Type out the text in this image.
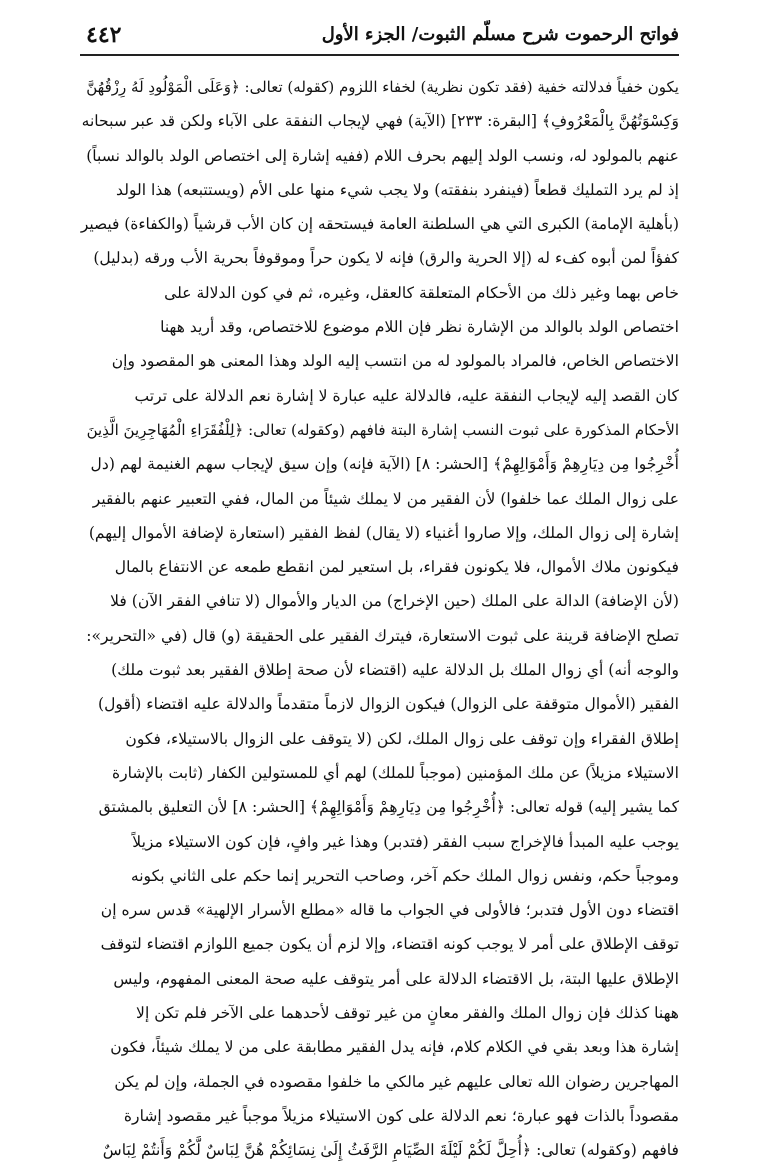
فواتح الرحموت شرح مسلّم الثبوت/ الجزء الأول
٤٤٢
يكون خفياً فدلالته خفية (فقد تكون نظرية) لخفاء اللزوم (كقوله) تعالى: ﴿وَعَلَى الْمَوْلُودِ لَهُ رِزْقُهُنَّ
وَكِسْوَتُهُنَّ بِالْمَعْرُوفِ﴾ [البقرة: ٢٣٣] (الآية) فهي لإيجاب النفقة على الآباء ولكن قد عبر سبحانه
عنهم بالمولود له، ونسب الولد إليهم بحرف اللام (ففيه إشارة إلى اختصاص الولد بالوالد نسباً)
إذ لم يرد التمليك قطعاً (فينفرد بنفقته) ولا يجب شيء منها على الأم (ويستتبعه) هذا الولد
(بأهلية الإمامة) الكبرى التي هي السلطنة العامة فيستحقه إن كان الأب قرشياً (والكفاءة) فيصير
كفؤاً لمن أبوه كفء له (إلا الحرية والرق) فإنه لا يكون حراً وموقوفاً بحرية الأب ورقه (بدليل)
خاص بهما وغير ذلك من الأحكام المتعلقة كالعقل، وغيره، ثم في كون الدلالة على
اختصاص الولد بالوالد من الإشارة نظر فإن اللام موضوع للاختصاص، وقد أريد ههنا
الاختصاص الخاص، فالمراد بالمولود له من انتسب إليه الولد وهذا المعنى هو المقصود وإن
كان القصد إليه لإيجاب النفقة عليه، فالدلالة عليه عبارة لا إشارة نعم الدلالة على ترتب
الأحكام المذكورة على ثبوت النسب إشارة البتة فافهم (وكقوله) تعالى: ﴿لِلْفُقَرَاءِ الْمُهَاجِرِينَ الَّذِينَ
أُخْرِجُوا مِن دِيَارِهِمْ وَأَمْوَالِهِمْ﴾ [الحشر: ٨] (الآية فإنه) وإن سيق لإيجاب سهم الغنيمة لهم (دل
على زوال الملك عما خلفوا) لأن الفقير من لا يملك شيئاً من المال، ففي التعبير عنهم بالفقير
إشارة إلى زوال الملك، وإلا صاروا أغنياء (لا يقال) لفظ الفقير (استعارة لإضافة الأموال إليهم)
فيكونون ملاك الأموال، فلا يكونون فقراء، بل استعير لمن انقطع طمعه عن الانتفاع بالمال
(لأن الإضافة) الدالة على الملك (حين الإخراج) من الديار والأموال (لا تنافي الفقر الآن) فلا
تصلح الإضافة قرينة على ثبوت الاستعارة، فيترك الفقير على الحقيقة (و) قال (في «التحرير»:
والوجه أنه) أي زوال الملك بل الدلالة عليه (اقتضاء لأن صحة إطلاق الفقير بعد ثبوت ملك)
الفقير (الأموال متوقفة على الزوال) فيكون الزوال لازماً متقدماً والدلالة عليه اقتضاء (أقول)
إطلاق الفقراء وإن توقف على زوال الملك، لكن (لا يتوقف على الزوال بالاستيلاء، فكون
الاستيلاء مزيلاً) عن ملك المؤمنين (موجباً للملك) لهم أي للمستولين الكفار (ثابت بالإشارة
كما يشير إليه) قوله تعالى: ﴿أُخْرِجُوا مِن دِيَارِهِمْ وَأَمْوَالِهِمْ﴾ [الحشر: ٨] لأن التعليق بالمشتق
يوجب عليه المبدأ فالإخراج سبب الفقر (فتدبر) وهذا غير وافٍ، فإن كون الاستيلاء مزيلاً
وموجباً حكم، ونفس زوال الملك حكم آخر، وصاحب التحرير إنما حكم على الثاني بكونه
اقتضاء دون الأول فتدبر؛ فالأولى في الجواب ما قاله «مطلع الأسرار الإلهية» قدس سره إن
توقف الإطلاق على أمر لا يوجب كونه اقتضاء، وإلا لزم أن يكون جميع اللوازم اقتضاء لتوقف
الإطلاق عليها البتة، بل الاقتضاء الدلالة على أمر يتوقف عليه صحة المعنى المفهوم، وليس
ههنا كذلك فإن زوال الملك والفقر معانٍ من غير توقف لأحدهما على الآخر فلم تكن إلا
إشارة هذا وبعد بقي في الكلام كلام، فإنه يدل الفقير مطابقة على من لا يملك شيئاً، فكون
المهاجرين رضوان الله تعالى عليهم غير مالكي ما خلفوا مقصوده في الجملة، وإن لم يكن
مقصوداً بالذات فهو عبارة؛ نعم الدلالة على كون الاستيلاء مزيلاً موجباً غير مقصود إشارة
فافهم (وكقوله) تعالى: ﴿أُحِلَّ لَكُمْ لَيْلَةَ الصِّيَامِ الرَّفَثُ إِلَىٰ نِسَائِكُمْ هُنَّ لِبَاسٌ لَّكُمْ وَأَنتُمْ لِبَاسٌ
